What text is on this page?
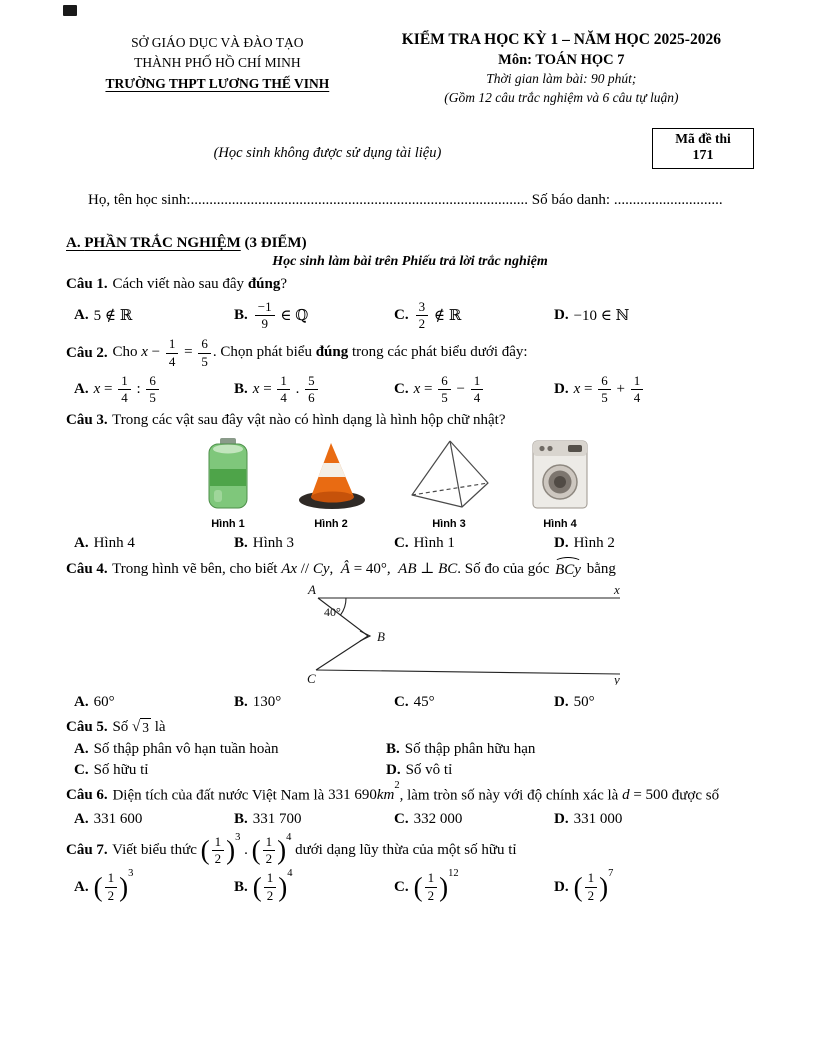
SỞ GIÁO DỤC VÀ ĐÀO TẠO
THÀNH PHỐ HỒ CHÍ MINH
TRƯỜNG THPT LƯƠNG THẾ VINH
KIỂM TRA HỌC KỲ 1 – NĂM HỌC 2025-2026
Môn: TOÁN HỌC 7
Thời gian làm bài: 90 phút;
(Gồm 12 câu trắc nghiệm và 6 câu tự luận)
Mã đề thi
171
(Học sinh không được sử dụng tài liệu)
Họ, tên học sinh:.......................................................................................... Số báo danh: .............................
A. PHẦN TRẮC NGHIỆM (3 ĐIỂM)
Học sinh làm bài trên Phiếu trả lời trắc nghiệm
Câu 1. Cách viết nào sau đây đúng?
A. 5 ∉ ℝ	B. $\frac{-1}{9}$ ∈ ℚ	C. $\frac{3}{2}$ ∉ ℝ	D. −10 ∈ ℕ
Câu 2. Cho $x - \frac{1}{4} = \frac{6}{5}$ . Chọn phát biểu đúng trong các phát biểu dưới đây:
A. $x = \frac{1}{4}$ : $\frac{6}{5}$	B. $x = \frac{1}{4}$ . $\frac{5}{6}$	C. $x = \frac{6}{5} - \frac{1}{4}$	D. $x = \frac{6}{5} + \frac{1}{4}$
Câu 3. Trong các vật sau đây vật nào có hình dạng là hình hộp chữ nhật?
Hình 1	Hình 2	Hình 3	Hình 4
A. Hình 4	B. Hình 3	C. Hình 1	D. Hình 2
Câu 4. Trong hình vẽ bên, cho biết Ax // Cy , Â = 40°, AB ⊥ BC . Số đo của góc BCy bằng
A	x
40°
B
C	y
A. 60°	B. 130°	C. 45°	D. 50°
Câu 5. Số √ 3 là
A. Số thập phân vô hạn tuần hoàn	B. Số thập phân hữu hạn
C. Số hữu tỉ	D. Số vô tỉ
Câu 6. Diện tích của đất nước Việt Nam là 331 690 km
2
, làm tròn số này với độ chính xác là d = 500 được số
A. 331 600	B. 331 700	C. 332 000	D. 331 000
Câu 7. Viết biểu thức ( $\frac{1}{2}$ ) 3
. ( $\frac{1}{2}$ ) 4
dưới dạng lũy thừa của một số hữu tỉ
A. ( $\frac{1}{2}$ ) 3
B. ( $\frac{1}{2}$ ) 4
C. ( $\frac{1}{2}$ ) 12
D. ( $\frac{1}{2}$ ) 7
